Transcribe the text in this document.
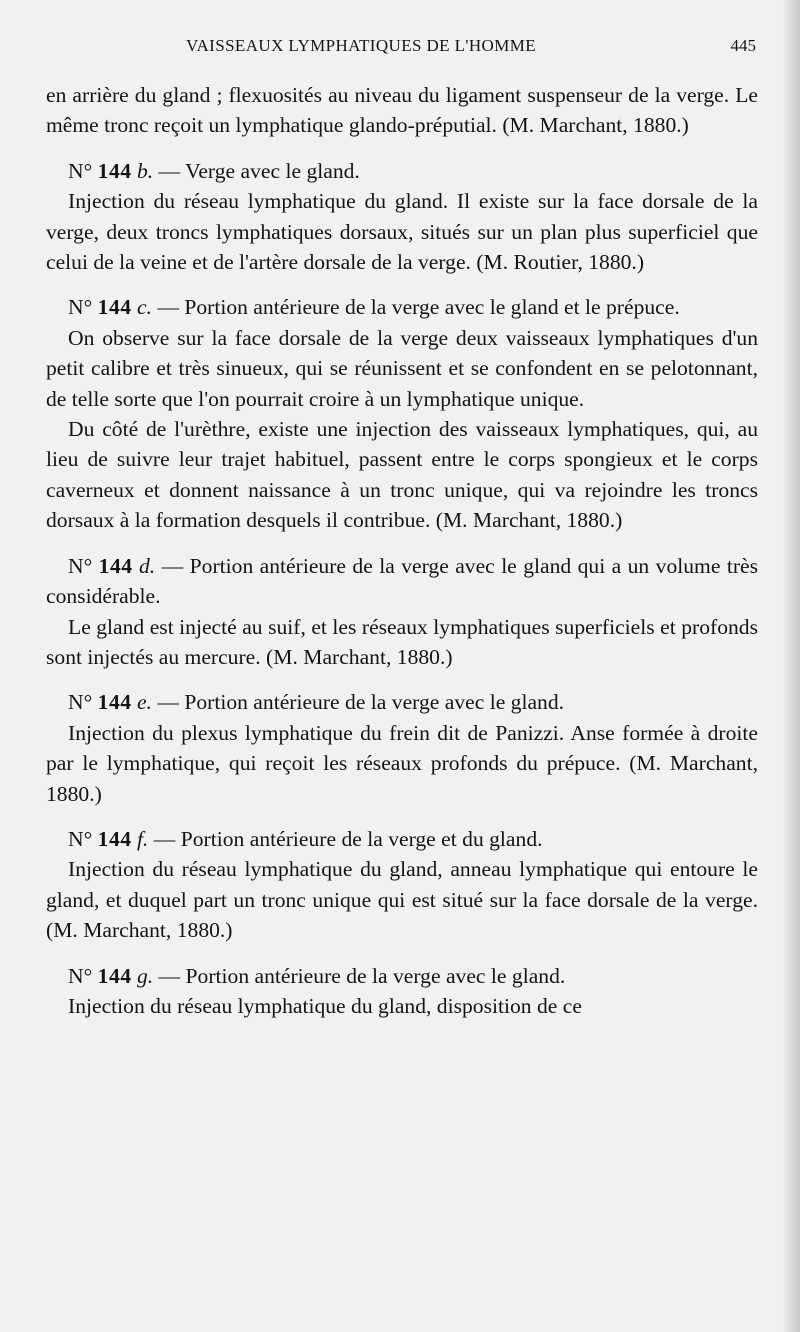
VAISSEAUX LYMPHATIQUES DE L'HOMME	445

en arrière du gland ; flexuosités au niveau du ligament suspenseur de la verge. Le même tronc reçoit un lymphatique glando-préputial. (M. Marchant, 1880.)

N° 144 b. — Verge avec le gland.

Injection du réseau lymphatique du gland. Il existe sur la face dorsale de la verge, deux troncs lymphatiques dorsaux, situés sur un plan plus superficiel que celui de la veine et de l'artère dorsale de la verge. (M. Routier, 1880.)

N° 144 c. — Portion antérieure de la verge avec le gland et le prépuce.

On observe sur la face dorsale de la verge deux vaisseaux lymphatiques d'un petit calibre et très sinueux, qui se réunissent et se confondent en se pelotonnant, de telle sorte que l'on pourrait croire à un lymphatique unique.

Du côté de l'urèthre, existe une injection des vaisseaux lymphatiques, qui, au lieu de suivre leur trajet habituel, passent entre le corps spongieux et le corps caverneux et donnent naissance à un tronc unique, qui va rejoindre les troncs dorsaux à la formation desquels il contribue. (M. Marchant, 1880.)

N° 144 d. — Portion antérieure de la verge avec le gland qui a un volume très considérable.

Le gland est injecté au suif, et les réseaux lymphatiques superficiels et profonds sont injectés au mercure. (M. Marchant, 1880.)

N° 144 e. — Portion antérieure de la verge avec le gland.

Injection du plexus lymphatique du frein dit de Panizzi. Anse formée à droite par le lymphatique, qui reçoit les réseaux profonds du prépuce. (M. Marchant, 1880.)

N° 144 f. — Portion antérieure de la verge et du gland.

Injection du réseau lymphatique du gland, anneau lymphatique qui entoure le gland, et duquel part un tronc unique qui est situé sur la face dorsale de la verge. (M. Marchant, 1880.)

N° 144 g. — Portion antérieure de la verge avec le gland.

Injection du réseau lymphatique du gland, disposition de ce
